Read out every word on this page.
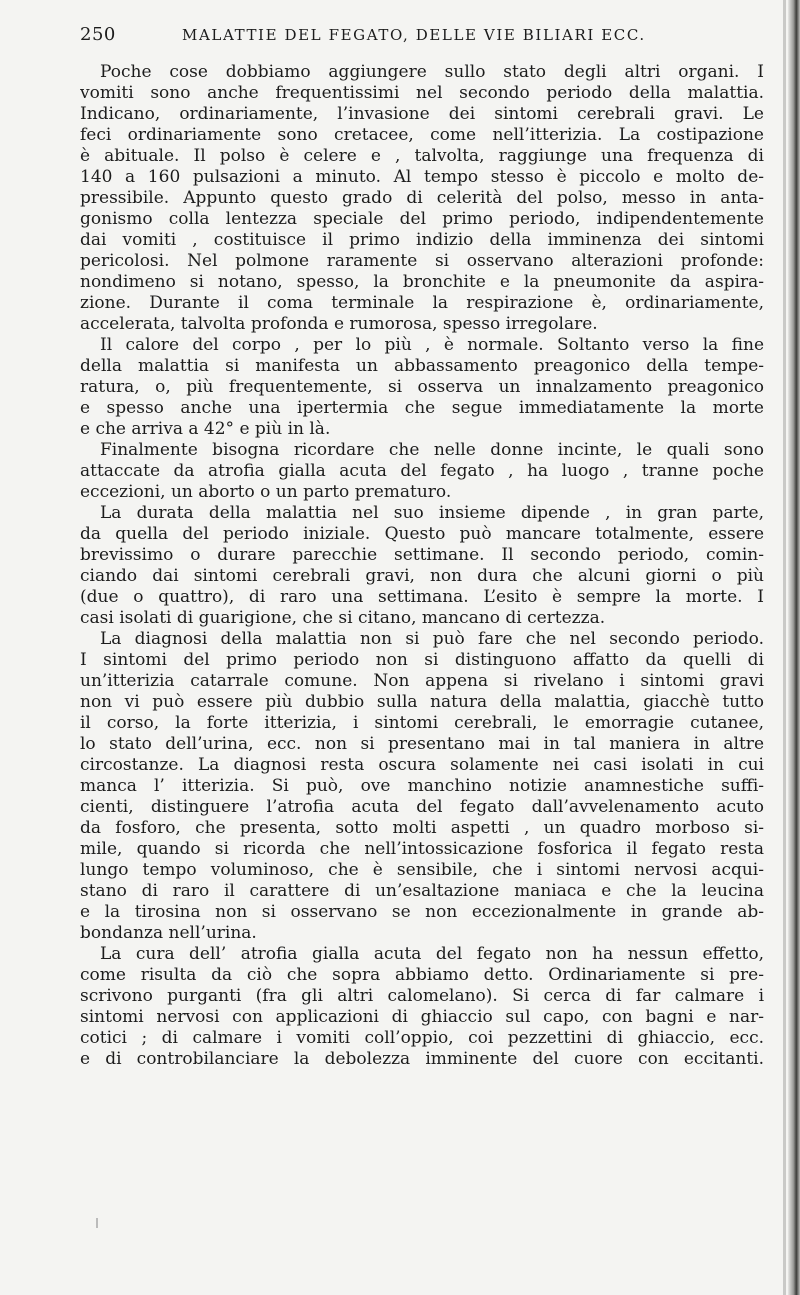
250	MALATTIE DEL FEGATO, DELLE VIE BILIARI ECC.
Poche cose dobbiamo aggiungere sullo stato degli altri organi. I
vomiti sono anche frequentissimi nel secondo periodo della malattia.
Indicano, ordinariamente, l’invasione dei sintomi cerebrali gravi. Le
feci ordinariamente sono cretacee, come nell’itterizia. La costipazione
è abituale. Il polso è celere e , talvolta, raggiunge una frequenza di
140 a 160 pulsazioni a minuto. Al tempo stesso è piccolo e molto de-
pressibile. Appunto questo grado di celerità del polso, messo in anta-
gonismo colla lentezza speciale del primo periodo, indipendentemente
dai vomiti , costituisce il primo indizio della imminenza dei sintomi
pericolosi. Nel polmone raramente si osservano alterazioni profonde:
nondimeno si notano, spesso, la bronchite e la pneumonite da aspira-
zione. Durante il coma terminale la respirazione è, ordinariamente,
accelerata, talvolta profonda e rumorosa, spesso irregolare.
Il calore del corpo , per lo più , è normale. Soltanto verso la fine
della malattia si manifesta un abbassamento preagonico della tempe-
ratura, o, più frequentemente, si osserva un innalzamento preagonico
e spesso anche una ipertermia che segue immediatamente la morte
e che arriva a 42° e più in là.
Finalmente bisogna ricordare che nelle donne incinte, le quali sono
attaccate da atrofia gialla acuta del fegato , ha luogo , tranne poche
eccezioni, un aborto o un parto prematuro.
La durata della malattia nel suo insieme dipende , in gran parte,
da quella del periodo iniziale. Questo può mancare totalmente, essere
brevissimo o durare parecchie settimane. Il secondo periodo, comin-
ciando dai sintomi cerebrali gravi, non dura che alcuni giorni o più
(due o quattro), di raro una settimana. L’esito è sempre la morte. I
casi isolati di guarigione, che si citano, mancano di certezza.
La diagnosi della malattia non si può fare che nel secondo periodo.
I sintomi del primo periodo non si distinguono affatto da quelli di
un’itterizia catarrale comune. Non appena si rivelano i sintomi gravi
non vi può essere più dubbio sulla natura della malattia, giacchè tutto
il corso, la forte itterizia, i sintomi cerebrali, le emorragie cutanee,
lo stato dell’urina, ecc. non si presentano mai in tal maniera in altre
circostanze. La diagnosi resta oscura solamente nei casi isolati in cui
manca l’ itterizia. Si può, ove manchino notizie anamnestiche suffi-
cienti, distinguere l’atrofia acuta del fegato dall’avvelenamento acuto
da fosforo, che presenta, sotto molti aspetti , un quadro morboso si-
mile, quando si ricorda che nell’intossicazione fosforica il fegato resta
lungo tempo voluminoso, che è sensibile, che i sintomi nervosi acqui-
stano di raro il carattere di un’esaltazione maniaca e che la leucina
e la tirosina non si osservano se non eccezionalmente in grande ab-
bondanza nell’urina.
La cura dell’ atrofia gialla acuta del fegato non ha nessun effetto,
come risulta da ciò che sopra abbiamo detto. Ordinariamente si pre-
scrivono purganti (fra gli altri calomelano). Si cerca di far calmare i
sintomi nervosi con applicazioni di ghiaccio sul capo, con bagni e nar-
cotici ; di calmare i vomiti coll’oppio, coi pezzettini di ghiaccio, ecc.
e di controbilanciare la debolezza imminente del cuore con eccitanti.
